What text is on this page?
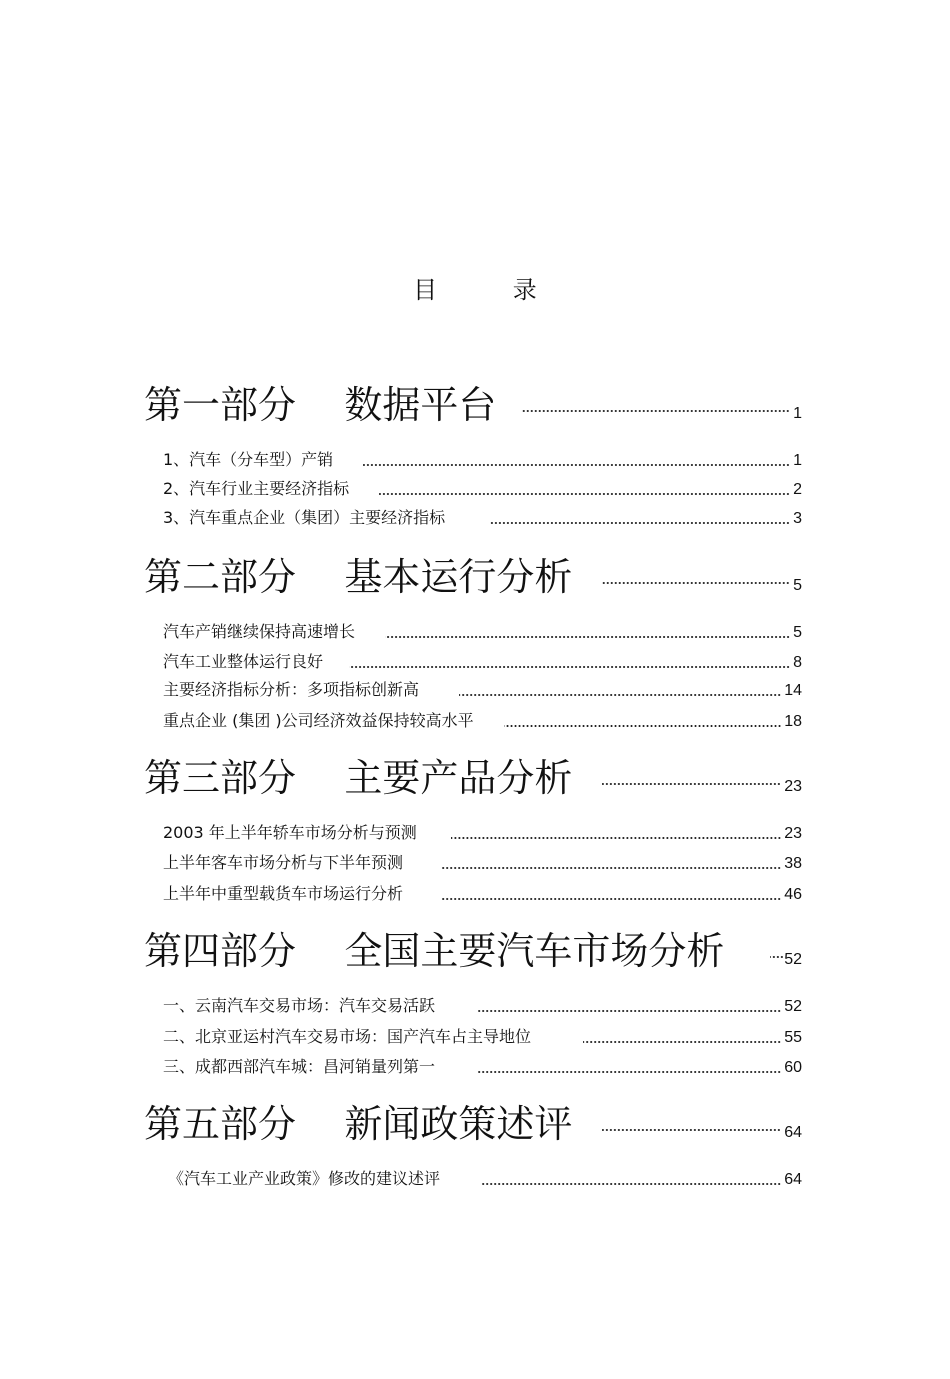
目 录
第一部分    数据平台	1
1、汽车（分车型）产销	1
2、汽车行业主要经济指标	2
3、汽车重点企业（集团）主要经济指标	3
第二部分    基本运行分析	5
汽车产销继续保持高速增长	5
汽车工业整体运行良好	8
主要经济指标分析：多项指标创新高	14
重点企业 (集团 )公司经济效益保持较高水平	18
第三部分    主要产品分析	23
2003 年上半年轿车市场分析与预测	23
上半年客车市场分析与下半年预测	38
上半年中重型载货车市场运行分析	46
第四部分    全国主要汽车市场分析	52
一、云南汽车交易市场：汽车交易活跃	52
二、北京亚运村汽车交易市场：国产汽车占主导地位	55
三、成都西部汽车城：昌河销量列第一	60
第五部分    新闻政策述评	64
《汽车工业产业政策》修改的建议述评	64
